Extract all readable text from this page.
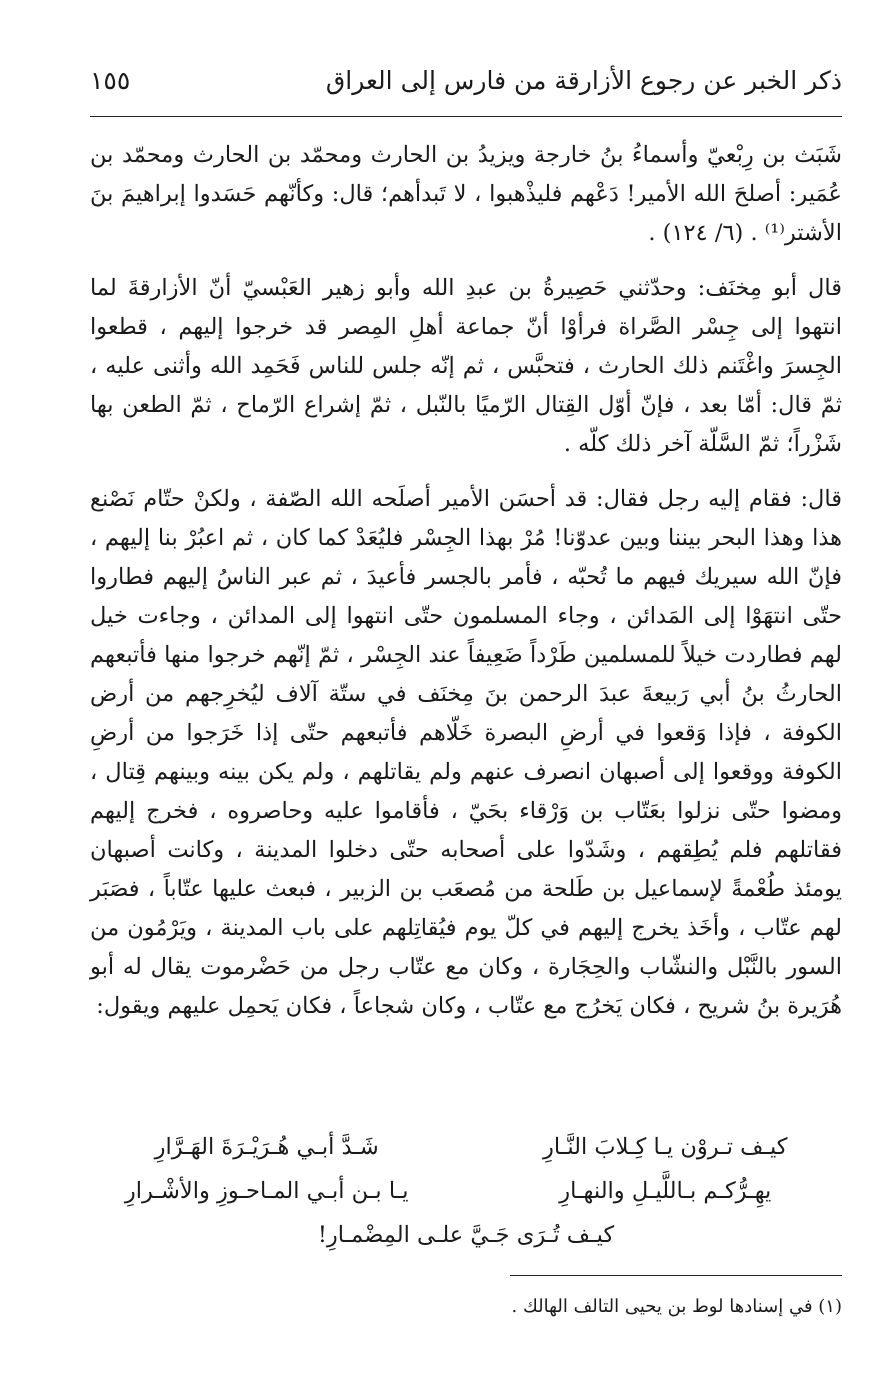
ذكر الخبر عن رجوع الأزارقة من فارس إلى العراق
١٥٥

شَبَث بن رِبْعيّ وأسماءُ بنُ خارجة ويزيدُ بن الحارث ومحمّد بن الحارث ومحمّد بن عُمَير: أصلحَ الله الأمير! دَعْهم فليذْهبوا ، لا تَبدأهم؛ قال: وكأنّهم حَسَدوا إبراهيمَ بنَ الأشتر⁽¹⁾ . (٦/ ١٢٤) .

قال أبو مِخنَف: وحدّثني حَصِيرةُ بن عبدِ الله وأبو زهير العَبْسيّ أنّ الأزارقةَ لما انتهوا إلى جِسْر الصَّراة فرأوْا أنّ جماعة أهلِ المِصر قد خرجوا إليهم ، قطعوا الجِسرَ واغْتَنم ذلك الحارث ، فتحبَّس ، ثم إنّه جلس للناس فَحَمِد الله وأثنى عليه ، ثمّ قال: أمّا بعد ، فإنّ أوّل القِتال الرّميًا بالنّبل ، ثمّ إشراع الرّماح ، ثمّ الطعن بها شَزْراً؛ ثمّ السَّلّة آخر ذلك كلّه .

قال: فقام إليه رجل فقال: قد أحسَن الأمير أصلَحه الله الصّفة ، ولكنْ حتّام نَصْنع هذا وهذا البحر بيننا وبين عدوّنا! مُرْ بهذا الجِسْر فليُعَدْ كما كان ، ثم اعبُرْ بنا إليهم ، فإنّ الله سيريك فيهم ما تُحبّه ، فأمر بالجسر فأعيدَ ، ثم عبر الناسُ إليهم فطاروا حتّى انتهَوْا إلى المَدائن ، وجاء المسلمون حتّى انتهوا إلى المدائن ، وجاءت خيل لهم فطاردت خيلاً للمسلمين طَرْداً ضَعِيفاً عند الجِسْر ، ثمّ إنّهم خرجوا منها فأتبعهم الحارثُ بنُ أبي رَبيعةَ عبدَ الرحمن بنَ مِخنَف في ستّة آلاف ليُخرِجهم من أرض الكوفة ، فإذا وَقعوا في أرضِ البصرة خَلّاهم فأتبعهم حتّى إذا خَرَجوا من أرضِ الكوفة ووقعوا إلى أصبهان انصرف عنهم ولم يقاتلهم ، ولم يكن بينه وبينهم قِتال ، ومضوا حتّى نزلوا بعَتّاب بن وَرْقاء بحَيّ ، فأقاموا عليه وحاصروه ، فخرج إليهم فقاتلهم فلم يُطِقهم ، وشَدّوا على أصحابه حتّى دخلوا المدينة ، وكانت أصبهان يومئذ طُعْمةً لإسماعيل بن طَلحة من مُصعَب بن الزبير ، فبعث عليها عتّاباً ، فصَبَر لهم عتّاب ، وأخَذ يخرج إليهم في كلّ يوم فيُقاتِلهم على باب المدينة ، ويَرْمُون من السور بالنَّبْل والنشّاب والحِجَارة ، وكان مع عتّاب رجل من حَضْرموت يقال له أبو هُرَيرة بنُ شريح ، فكان يَخرُج مع عتّاب ، وكان شجاعاً ، فكان يَحمِل عليهم ويقول:

كيـف تـروْن يـا كِـلابَ النَّـارِ
شَـدَّ أبـي هُـرَيْـرَةَ الهَـرَّارِ
يهِـرُّكـم بـاللَّيـلِ والنهـارِ
يـا بـن أبـي المـاحـوزِ والأشْـرارِ
كيـف تُـرَى جَـيَّ علـى المِضْمـارِ!
(١) في إسنادها لوط بن يحيى التالف الهالك .
